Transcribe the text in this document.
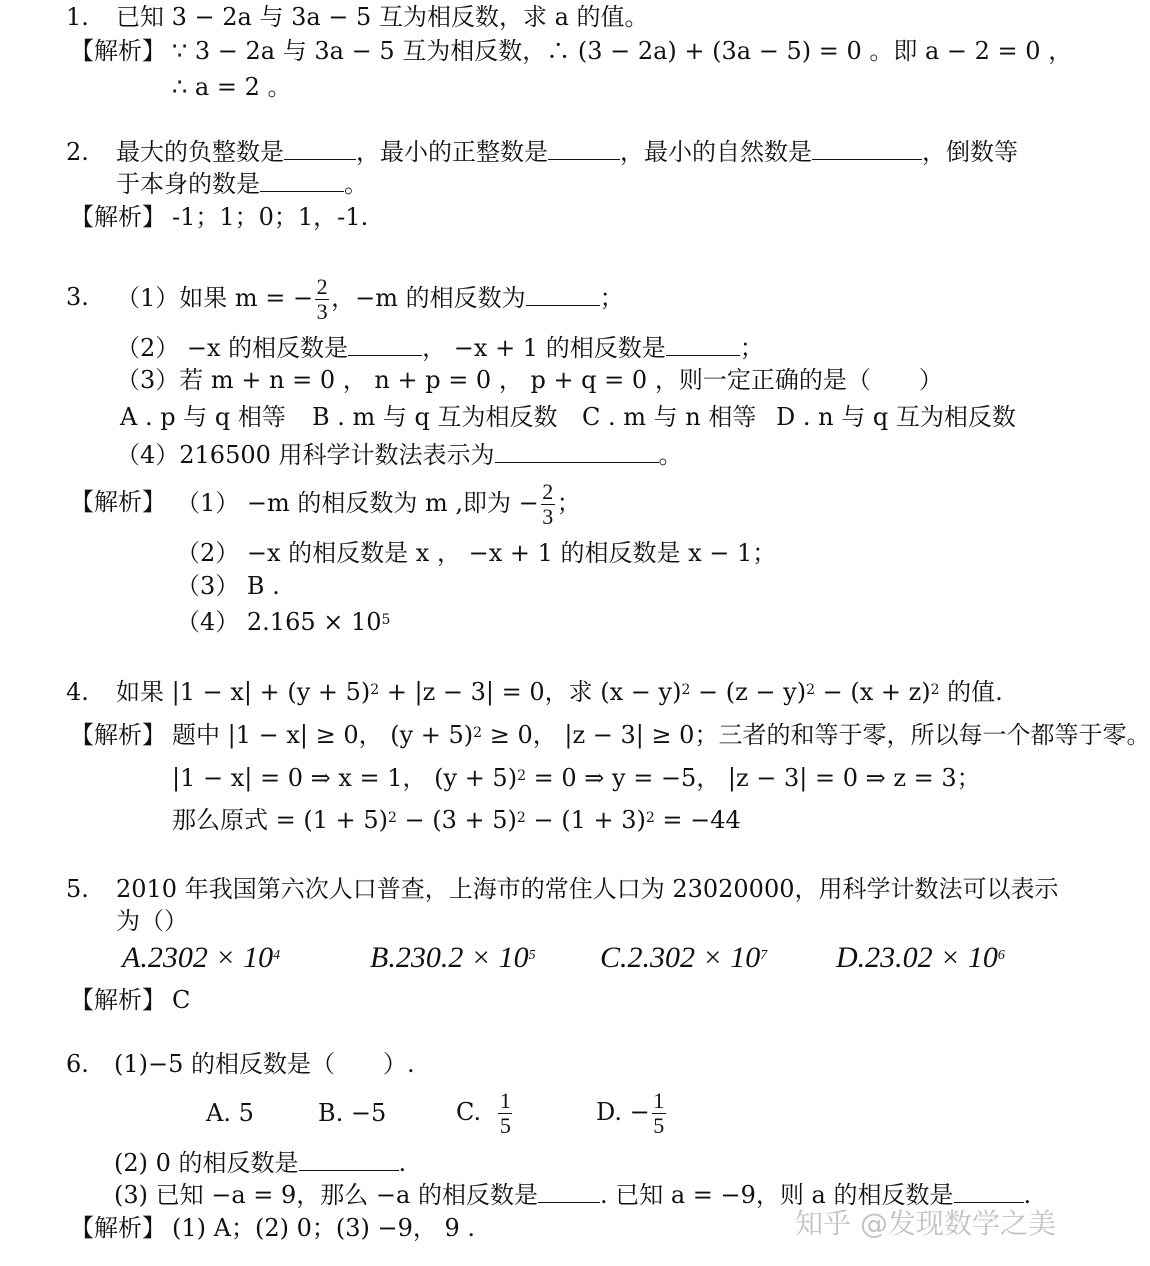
1. 已知 3 − 2a 与 3a − 5 互为相反数，求 a 的值。
【解析】 ∵ 3 − 2a 与 3a − 5 互为相反数，∴ (3 − 2a) + (3a − 5) = 0 。即 a − 2 = 0 ，
∴ a = 2 。
2. 最大的负整数是	，最小的正整数是	，最小的自然数是	，倒数等
于本身的数是	。
【解析】 -1；1；0；1，-1.
3. （1）如果 m = − $\frac{2}{3}$ ，−m 的相反数为	；
（2） −x 的相反数是	， −x + 1 的相反数是	；
（3）若 m + n = 0 ， n + p = 0 ， p + q = 0 ，则一定正确的是（　　）
A . p 与 q 相等 B . m 与 q 互为相反数 C . m 与 n 相等 D . n 与 q 互为相反数
（4）216500 用科学计数法表示为	。
【解析】 （1） −m 的相反数为 m ,即为 − $\frac{2}{3}$ ；
（2） −x 的相反数是 x ， −x + 1 的相反数是 x − 1；
（3） B .
（4） $2.165 \times 10^5$
4. 如果 $|1 - x| + (y + 5)^2 + |z - 3| = 0$，求 $(x - y)^2 - (z - y)^2 - (x + z)^2$ 的值.
【解析】 题中 |1 − x| ≥ 0， $(y + 5)^2 \ge 0$， |z − 3| ≥ 0；三者的和等于零，所以每一个都等于零。
|1 − x| = 0 ⇒ x = 1， $(y + 5)^2 = 0$ ⇒ y = −5， |z − 3| = 0 ⇒ z = 3；
那么原式 = $(1 + 5)^2 - (3 + 5)^2 - (1 + 3)^2 = -44$
5. 2010 年我国第六次人口普查，上海市的常住人口为 23020000，用科学计数法可以表示
为（）
$A.2302 \times 10^4$	$B.230.2 \times 10^5$ $C.2.302 \times 10^7$ $D.23.02 \times 10^6$
【解析】 C
6. (1)−5 的相反数是（　　）.
A. 5	B. −5	C. $\frac{1}{5}$	D. − $\frac{1}{5}$
(2) 0 的相反数是	.
(3) 已知 −a = 9，那么 −a 的相反数是	. 已知 a = −9，则 a 的相反数是	.
【解析】 (1) A；(2) 0；(3) −9， 9 .	知乎 @发现数学之美
